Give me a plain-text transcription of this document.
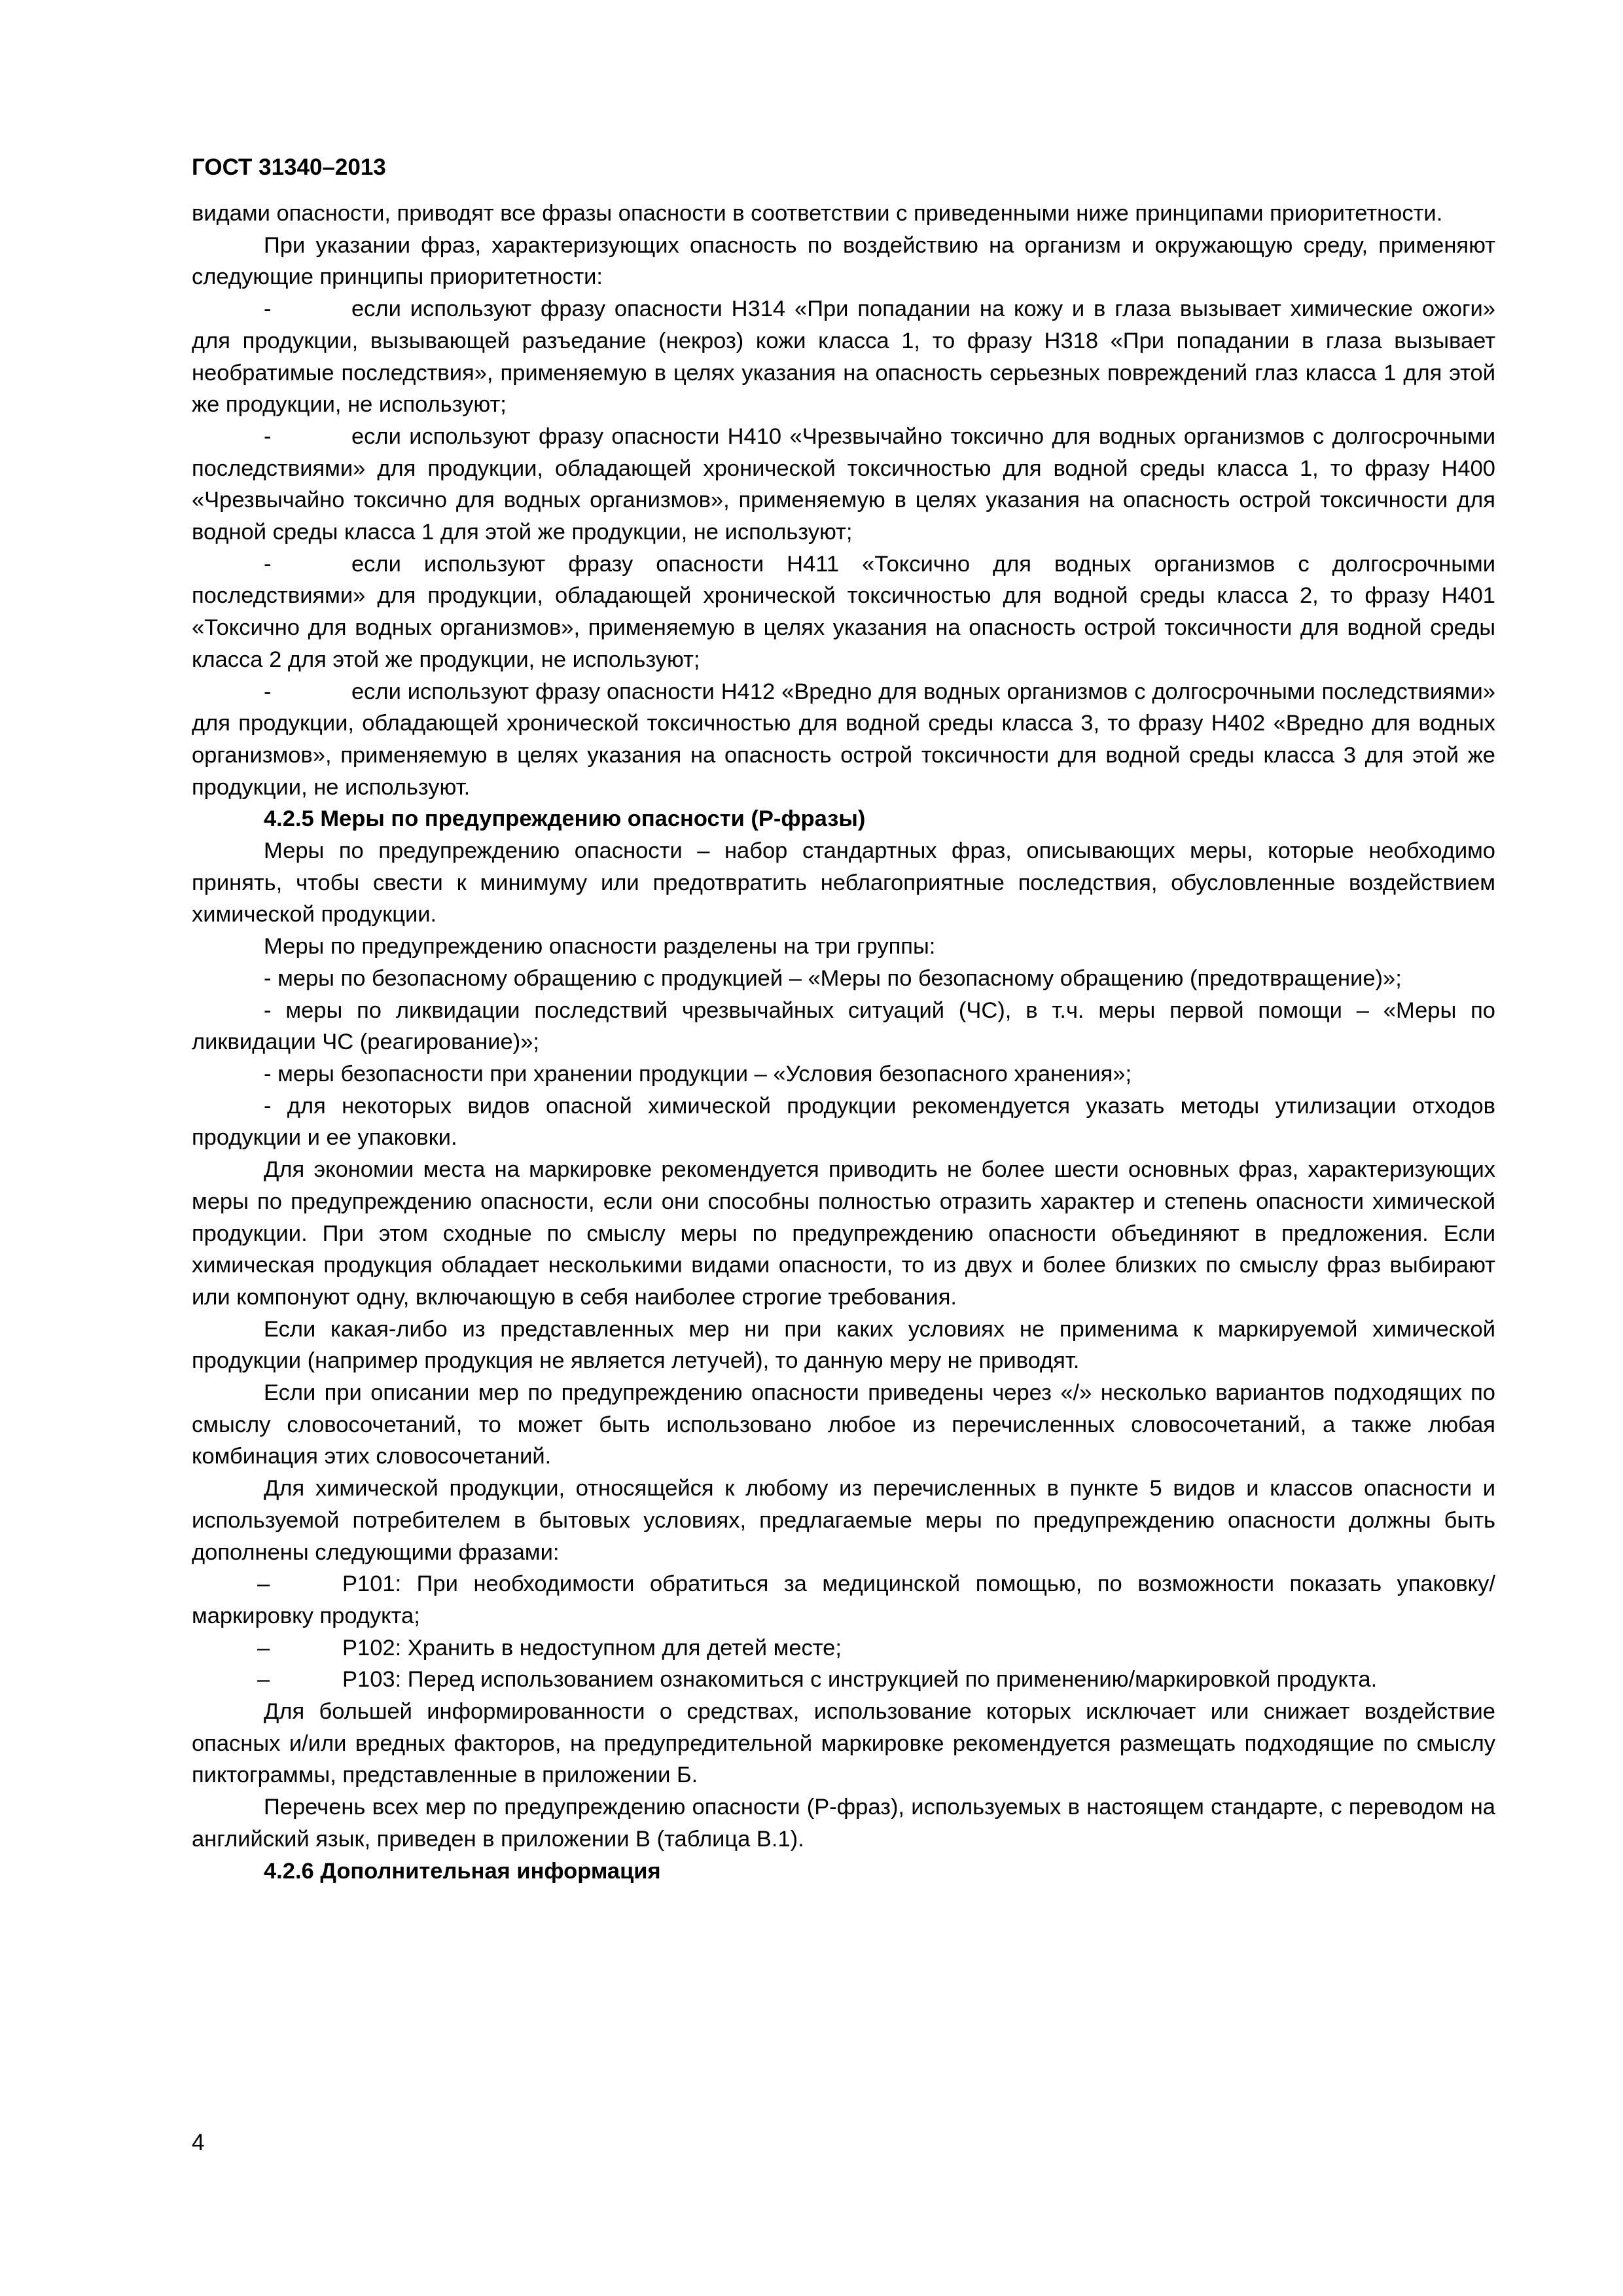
ГОСТ 31340–2013

видами опасности, приводят все фразы опасности в соответствии с приведенными ниже принципами приоритетности.

При указании фраз, характеризующих опасность по воздействию на организм и окружающую среду, применяют следующие принципы приоритетности:

-	если используют фразу опасности H314 «При попадании на кожу и в глаза вызывает химические ожоги» для продукции, вызывающей разъедание (некроз) кожи класса 1, то фразу H318 «При попадании в глаза вызывает необратимые последствия», применяемую в целях указания на опасность серьезных повреждений глаз класса 1 для этой же продукции, не используют;

-	если используют фразу опасности H410 «Чрезвычайно токсично для водных организмов с долгосрочными последствиями» для продукции, обладающей хронической токсичностью для водной среды класса 1, то фразу H400 «Чрезвычайно токсично для водных организмов», применяемую в целях указания на опасность острой токсичности для водной среды класса 1 для этой же продукции, не используют;

-	если используют фразу опасности H411 «Токсично для водных организмов с долгосрочными последствиями» для продукции, обладающей хронической токсичностью для водной среды класса 2, то фразу H401 «Токсично для водных организмов», применяемую в целях указания на опасность острой токсичности для водной среды класса 2 для этой же продукции, не используют;

-	если используют фразу опасности H412 «Вредно для водных организмов с долгосрочными последствиями» для продукции, обладающей хронической токсичностью для водной среды класса 3, то фразу H402 «Вредно для водных организмов», применяемую в целях указания на опасность острой токсичности для водной среды класса 3 для этой же продукции, не используют.

4.2.5 Меры по предупреждению опасности (Р-фразы)

Меры по предупреждению опасности – набор стандартных фраз, описывающих меры, которые необходимо принять, чтобы свести к минимуму или предотвратить неблагоприятные последствия, обусловленные воздействием химической продукции.

Меры по предупреждению опасности разделены на три группы:

- меры по безопасному обращению с продукцией – «Меры по безопасному обращению (предотвращение)»;

- меры по ликвидации последствий чрезвычайных ситуаций (ЧС), в т.ч. меры первой помощи – «Меры по ликвидации ЧС (реагирование)»;

- меры безопасности при хранении продукции – «Условия безопасного хранения»;

- для некоторых видов опасной химической продукции рекомендуется указать методы утилизации отходов продукции и ее упаковки.

Для экономии места на маркировке рекомендуется приводить не более шести основных фраз, характеризующих меры по предупреждению опасности, если они способны полностью отразить характер и степень опасности химической продукции. При этом сходные по смыслу меры по предупреждению опасности объединяют в предложения. Если химическая продукция обладает несколькими видами опасности, то из двух и более близких по смыслу фраз выбирают или компонуют одну, включающую в себя наиболее строгие требования.

Если какая-либо из представленных мер ни при каких условиях не применима к маркируемой химической продукции (например продукция не является летучей), то данную меру не приводят.

Если при описании мер по предупреждению опасности приведены через «/» несколько вариантов подходящих по смыслу словосочетаний, то может быть использовано любое из перечисленных словосочетаний, а также любая комбинация этих словосочетаний.

Для химической продукции, относящейся к любому из перечисленных в пункте 5 видов и классов опасности и используемой потребителем в бытовых условиях, предлагаемые меры по предупреждению опасности должны быть дополнены следующими фразами:

–	Р101: При необходимости обратиться за медицинской помощью, по возможности показать упаковку/маркировку продукта;

–	Р102: Хранить в недоступном для детей месте;

–	Р103: Перед использованием ознакомиться с инструкцией по применению/маркировкой продукта.

Для большей информированности о средствах, использование которых исключает или снижает воздействие опасных и/или вредных факторов, на предупредительной маркировке рекомендуется размещать подходящие по смыслу пиктограммы, представленные в приложении Б.

Перечень всех мер по предупреждению опасности (Р-фраз), используемых в настоящем стандарте, с переводом на английский язык, приведен в приложении В (таблица В.1).

4.2.6 Дополнительная информация

4
